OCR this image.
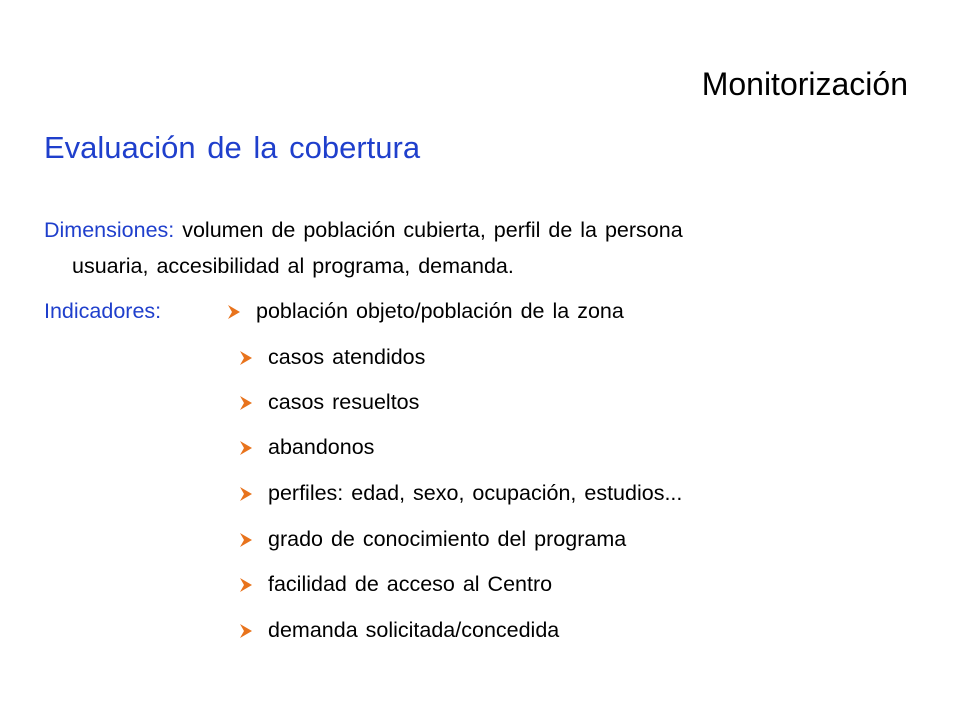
Monitorización
Evaluación de la cobertura
Dimensiones: volumen de población cubierta, perfil de la persona
usuaria, accesibilidad al programa, demanda.
Indicadores:	población objeto/población de la zona
casos atendidos
casos resueltos
abandonos
perfiles: edad, sexo, ocupación, estudios...
grado de conocimiento del programa
facilidad de acceso al Centro
demanda solicitada/concedida
